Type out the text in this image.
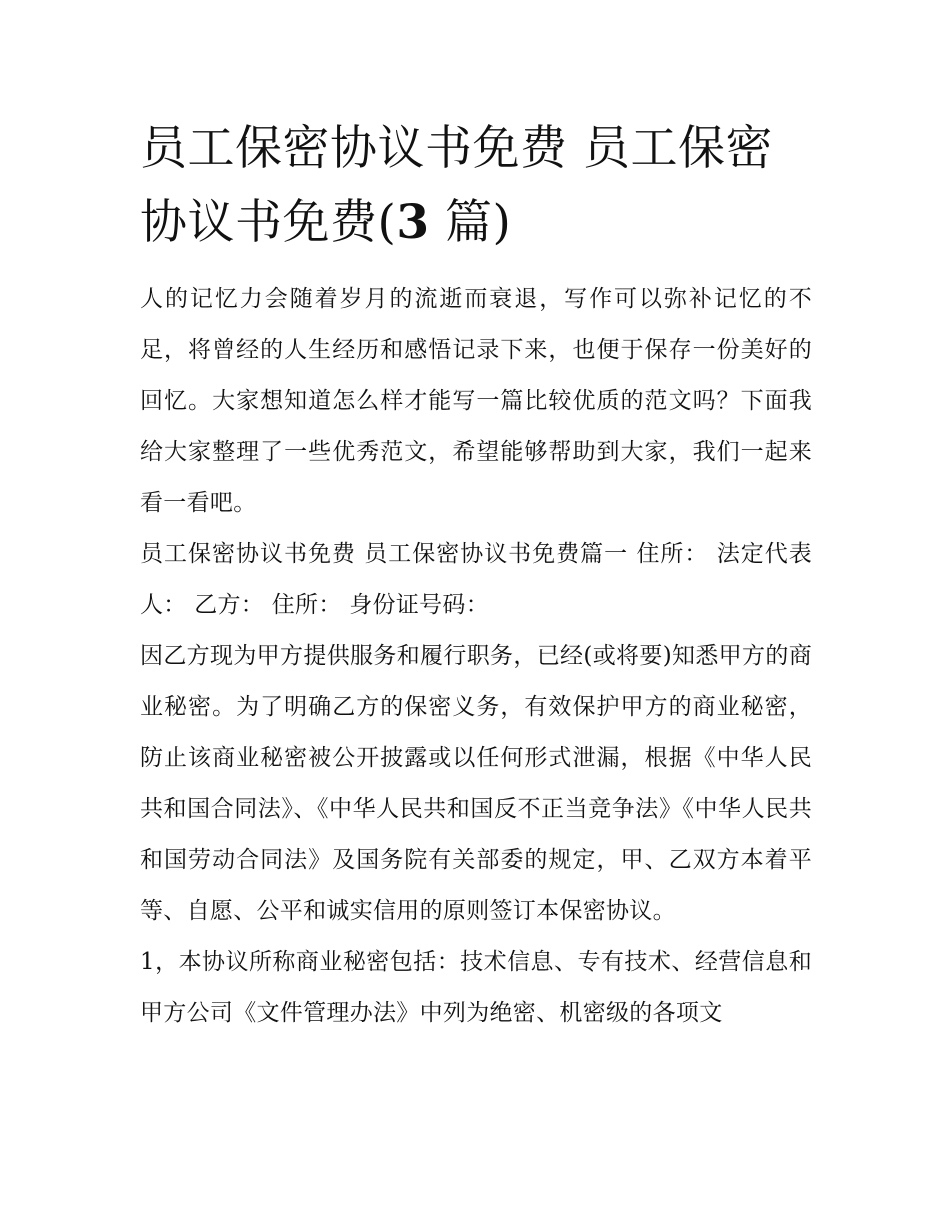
员工保密协议书免费 员工保密协议书免费(3 篇)

人的记忆力会随着岁月的流逝而衰退，写作可以弥补记忆的不足，将曾经的人生经历和感悟记录下来，也便于保存一份美好的回忆。大家想知道怎么样才能写一篇比较优质的范文吗？下面我给大家整理了一些优秀范文，希望能够帮助到大家，我们一起来看一看吧。

员工保密协议书免费 员工保密协议书免费篇一 住所： 法定代表人： 乙方： 住所： 身份证号码：

因乙方现为甲方提供服务和履行职务，已经(或将要)知悉甲方的商业秘密。为了明确乙方的保密义务，有效保护甲方的商业秘密，防止该商业秘密被公开披露或以任何形式泄漏，根据《中华人民共和国合同法》、《中华人民共和国反不正当竞争法》《中华人民共和国劳动合同法》及国务院有关部委的规定，甲、乙双方本着平等、自愿、公平和诚实信用的原则签订本保密协议。

1，本协议所称商业秘密包括：技术信息、专有技术、经营信息和甲方公司《文件管理办法》中列为绝密、机密级的各项文
